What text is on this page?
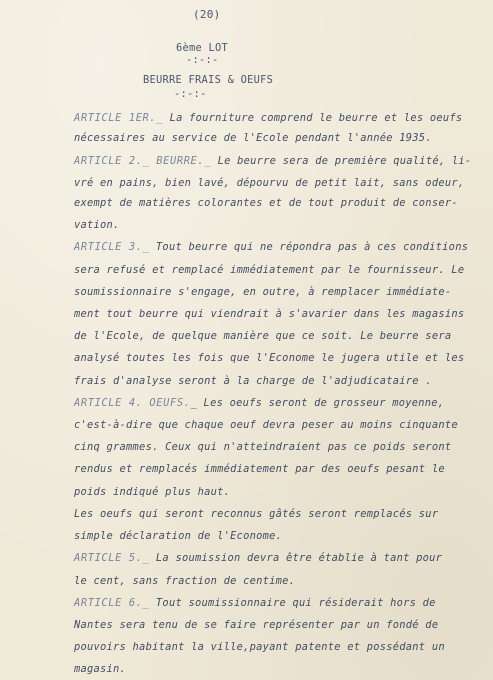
(20)
6ème LOT
-:-:-
BEURRE FRAIS & OEUFS
-:-:-
ARTICLE 1ER._ La fourniture comprend le beurre et les oeufs
nécessaires au service de l'Ecole pendant l'année 1935.
ARTICLE 2._ BEURRE._ Le beurre sera de première qualité, li-
vré en pains, bien lavé, dépourvu de petit lait, sans odeur,
exempt de matières colorantes et de tout produit de conser-
vation.
ARTICLE 3._ Tout beurre qui ne répondra pas à ces conditions
sera refusé et remplacé immédiatement par le fournisseur. Le
soumissionnaire s'engage, en outre, à remplacer immédiate-
ment tout beurre qui viendrait à s'avarier dans les magasins
de l'Ecole, de quelque manière que ce soit. Le beurre sera
analysé toutes les fois que l'Econome le jugera utile et les
frais d'analyse seront à la charge de l'adjudicataire .
ARTICLE 4. OEUFS._ Les oeufs seront de grosseur moyenne,
c'est-à-dire que chaque oeuf devra peser au moins cinquante
cinq grammes. Ceux qui n'atteindraient pas ce poids seront
rendus et remplacés immédiatement par des oeufs pesant le
poids indiqué plus haut.
Les oeufs qui seront reconnus gâtés seront remplacés sur
simple déclaration de l'Econome.
ARTICLE 5._ La soumission devra être établie à tant pour
le cent, sans fraction de centime.
ARTICLE 6._ Tout soumissionnaire qui résiderait hors de
Nantes sera tenu de se faire représenter par un fondé de
pouvoirs habitant la ville,payant patente et possédant un
magasin.
